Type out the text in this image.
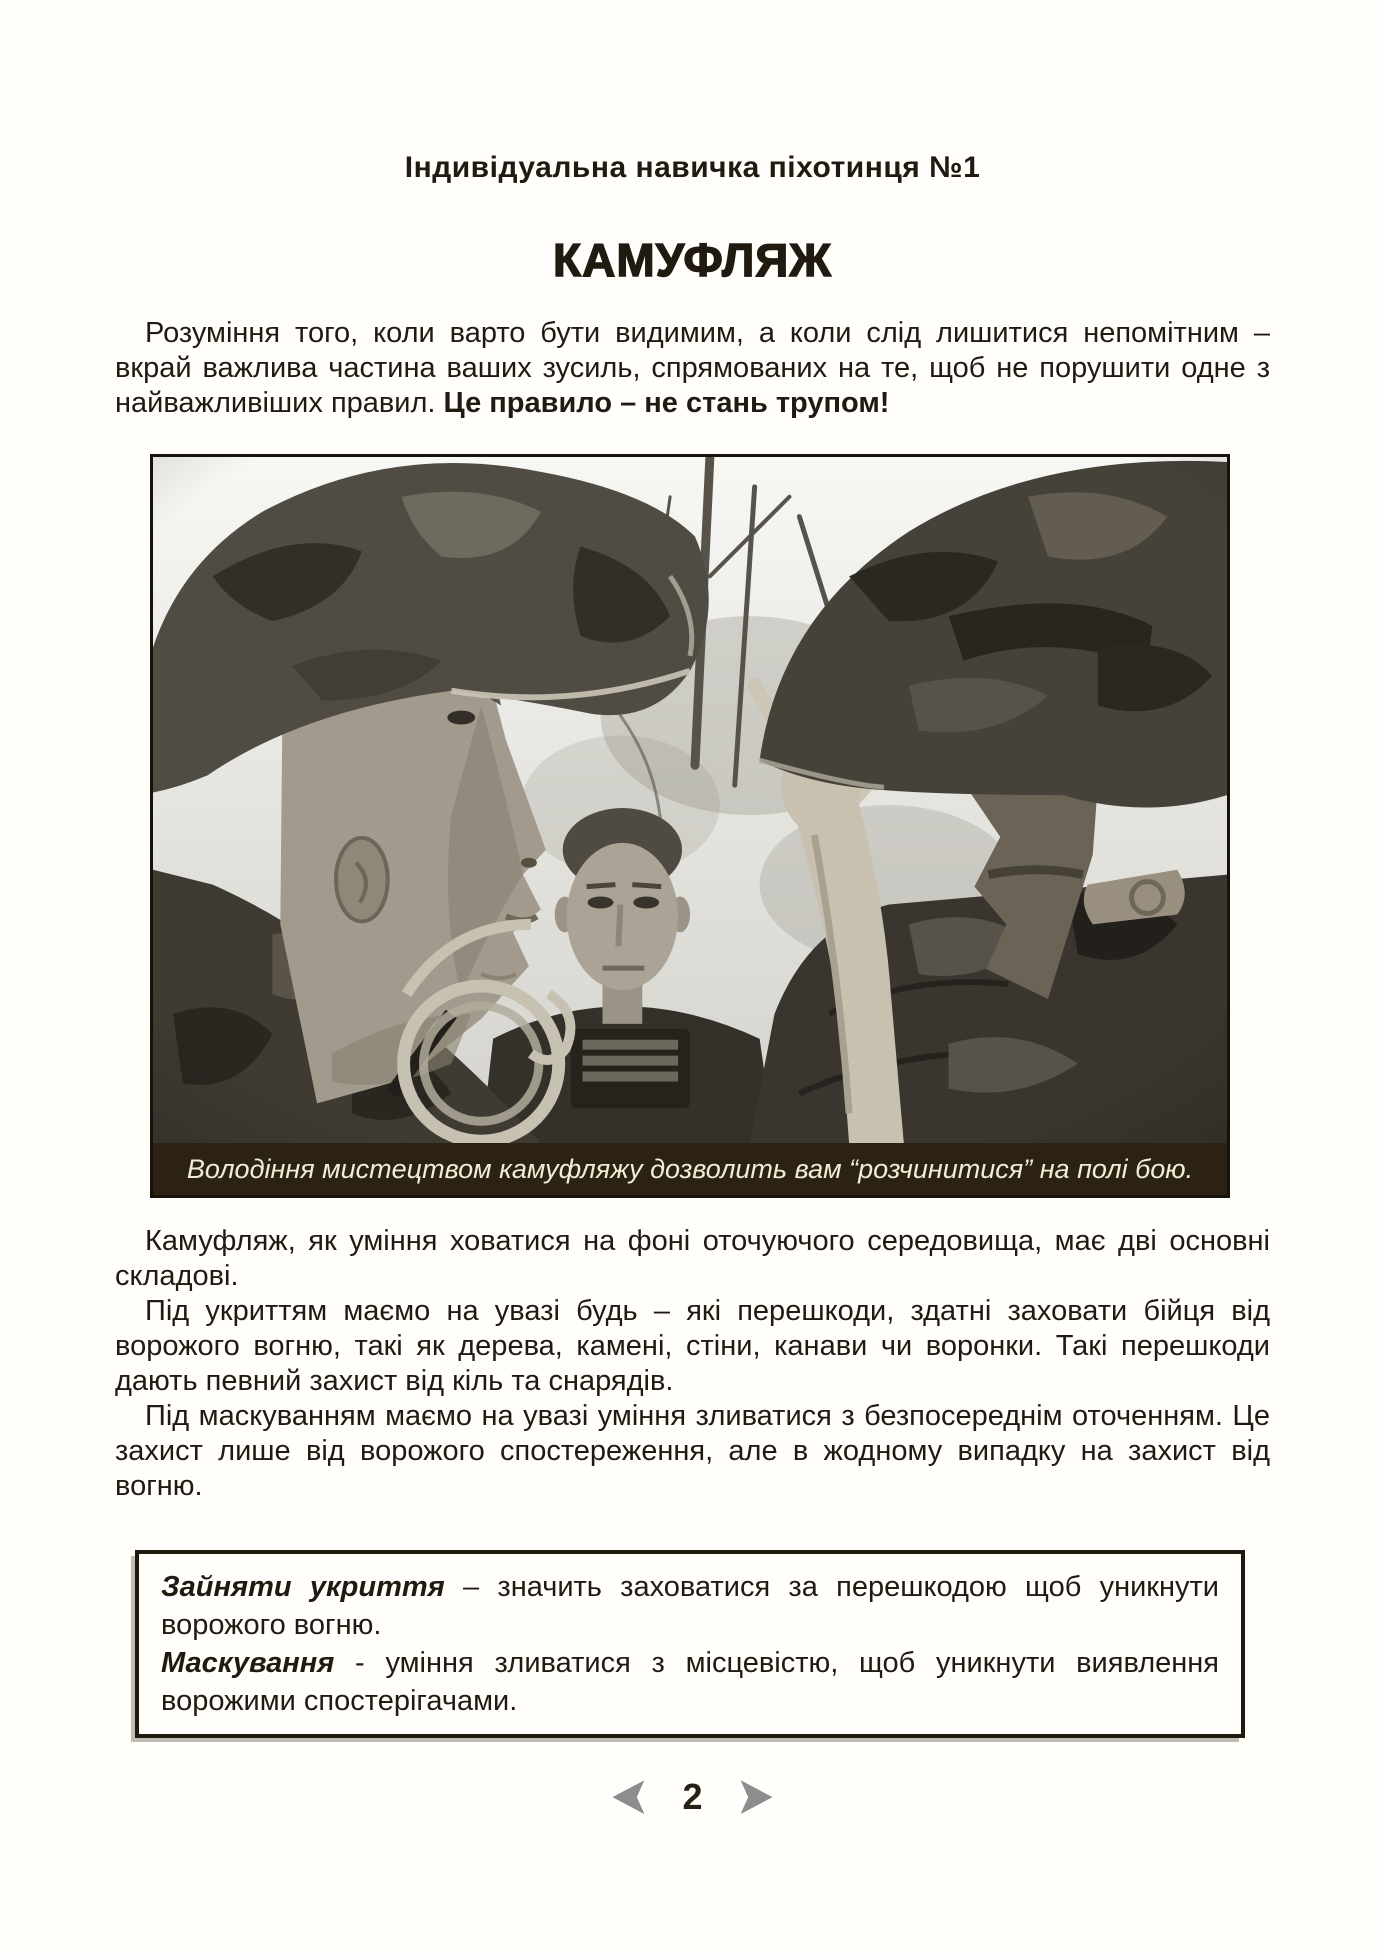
Індивідуальна навичка піхотинця №1
КАМУФЛЯЖ

Розуміння того, коли варто бути видимим, а коли слід лишитися непомітним – вкрай важлива частина ваших зусиль, спрямованих на те, щоб не порушити одне з найважливіших правил. Це правило – не стань трупом!

Володіння мистецтвом камуфляжу дозволить вам “розчинитися” на полі бою.

Камуфляж, як уміння ховатися на фоні оточуючого середовища, має дві основні складові.

Під укриттям маємо на увазі будь – які перешкоди, здатні заховати бійця від ворожого вогню, такі як дерева, камені, стіни, канави чи воронки. Такі перешкоди дають певний захист від кіль та снарядів.

Під маскуванням маємо на увазі уміння зливатися з безпосереднім оточенням. Це захист лише від ворожого спостереження, але в жодному випадку на захист від вогню.

Зайняти укриття – значить заховатися за перешкодою щоб уникнути ворожого вогню.

Маскування - уміння зливатися з місцевістю, щоб уникнути виявлення ворожими спостерігачами.

2
